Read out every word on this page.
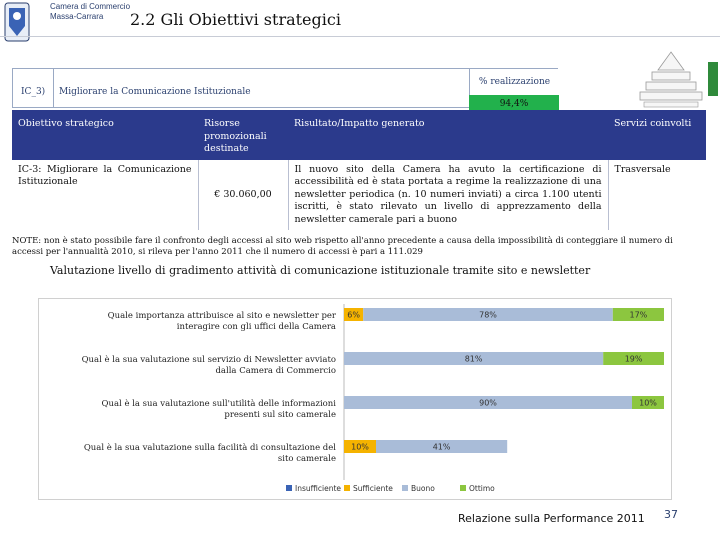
Camera di Commercio
Massa-Carrara	2.2 Gli Obiettivi strategici
IC_3) Migliorare la Comunicazione Istituzionale
% realizzazione
94,4%
Obiettivo strategico	Risorse promozionali destinate	Risultato/Impatto generato	Servizi coinvolti
IC-3: Migliorare la Comunicazione Istituzionale	€ 30.060,00	Il nuovo sito della Camera ha avuto la certificazione di accessibilità ed è stata portata a regime la realizzazione di una newsletter periodica (n. 10 numeri inviati) a circa 1.100 utenti iscritti, è stato rilevato un livello di apprezzamento della newsletter camerale pari a buono	Trasversale
NOTE: non è stato possibile fare il confronto degli accessi al sito web rispetto all'anno precedente a causa della impossibilità di conteggiare il numero di accessi per l'annualità 2010, si rileva per l'anno 2011 che il numero di accessi è pari a 111.029
Valutazione livello di gradimento attività di comunicazione istituzionale tramite sito e newsletter
Quale importanza attribuisce al sito e newsletter per interagire con gli uffici della Camera
6%	78%	17%
Qual è la sua valutazione sul servizio di Newsletter avviato dalla Camera di Commercio
81%	19%
Qual è la sua valutazione sull'utilità delle informazioni presenti sul sito camerale
90%	10%
Qual è la sua valutazione sulla facilità di consultazione del sito camerale
10%	41%
Insufficiente Sufficiente Buono	Ottimo
Relazione sulla Performance 2011 37
